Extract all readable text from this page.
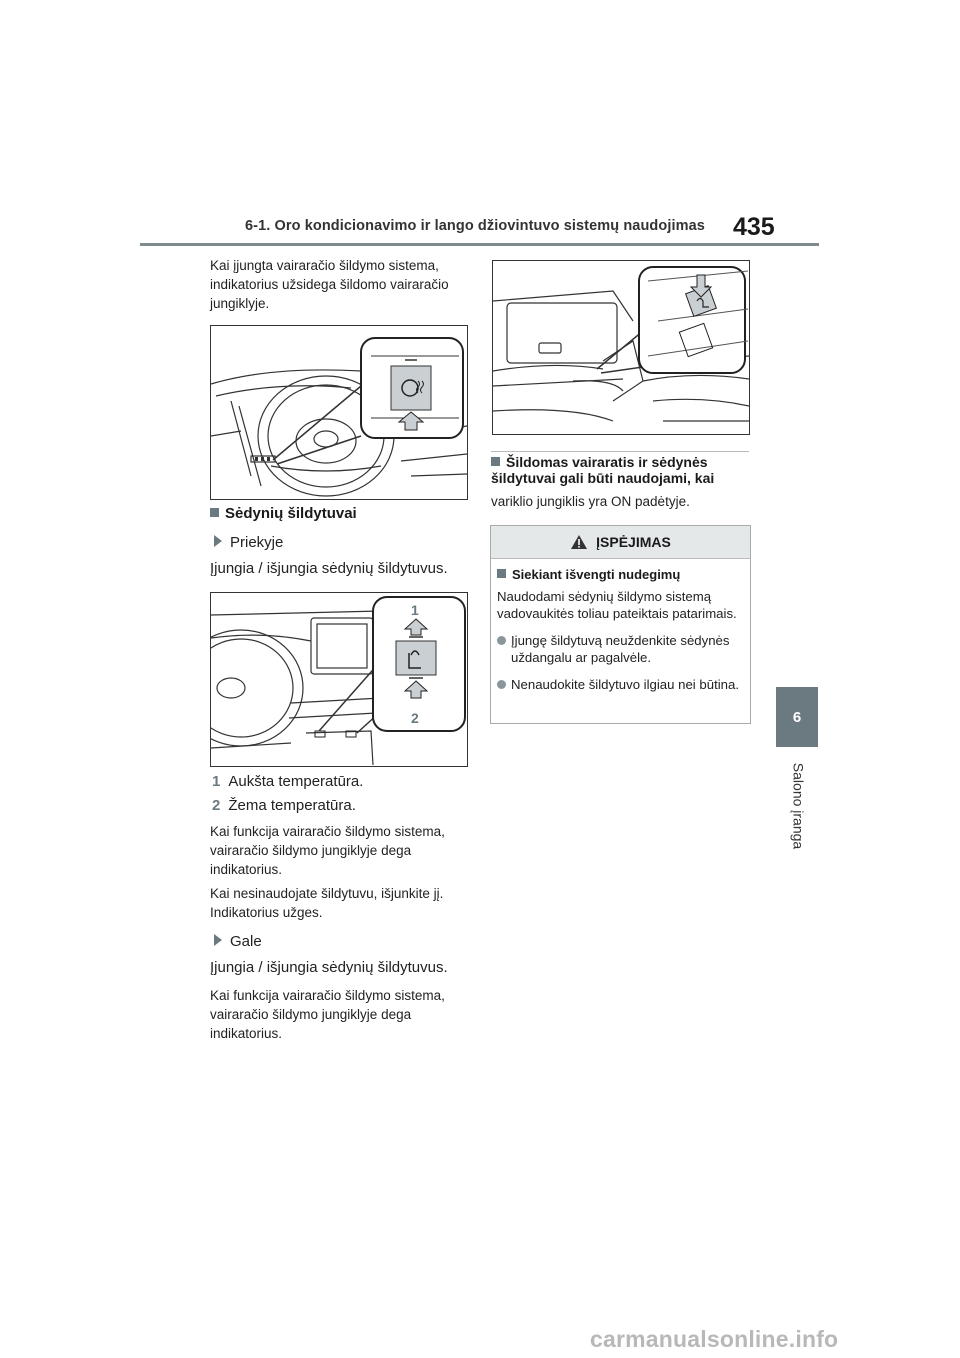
6-1. Oro kondicionavimo ir lango džiovintuvo sistemų naudojimas 435
6
Salono įranga
Kai įjungta vairaračio šildymo sistema, indikatorius užsidega šildomo vairaračio jungiklyje.
Sėdynių šildytuvai
Priekyje
Įjungia / išjungia sėdynių šildytuvus.
1
2
1 Aukšta temperatūra.
2 Žema temperatūra.
Kai funkcija vairaračio šildymo sistema, vairaračio šildymo jungiklyje dega indikatorius.
Kai nesinaudojate šildytuvu, išjunkite jį. Indikatorius užges.
Gale
Įjungia / išjungia sėdynių šildytuvus.
Kai funkcija vairaračio šildymo sistema, vairaračio šildymo jungiklyje dega indikatorius.
Šildomas vairaratis ir sėdynės šildytuvai gali būti naudojami, kai
variklio jungiklis yra ON padėtyje.
ĮSPĖJIMAS
Siekiant išvengti nudegimų
Naudodami sėdynių šildymo sistemą vadovaukitės toliau pateiktais patarimais.
Įjungę šildytuvą neuždenkite sėdynės uždangalu ar pagalvėle.
Nenaudokite šildytuvo ilgiau nei būtina.
carmanualsonline.info
